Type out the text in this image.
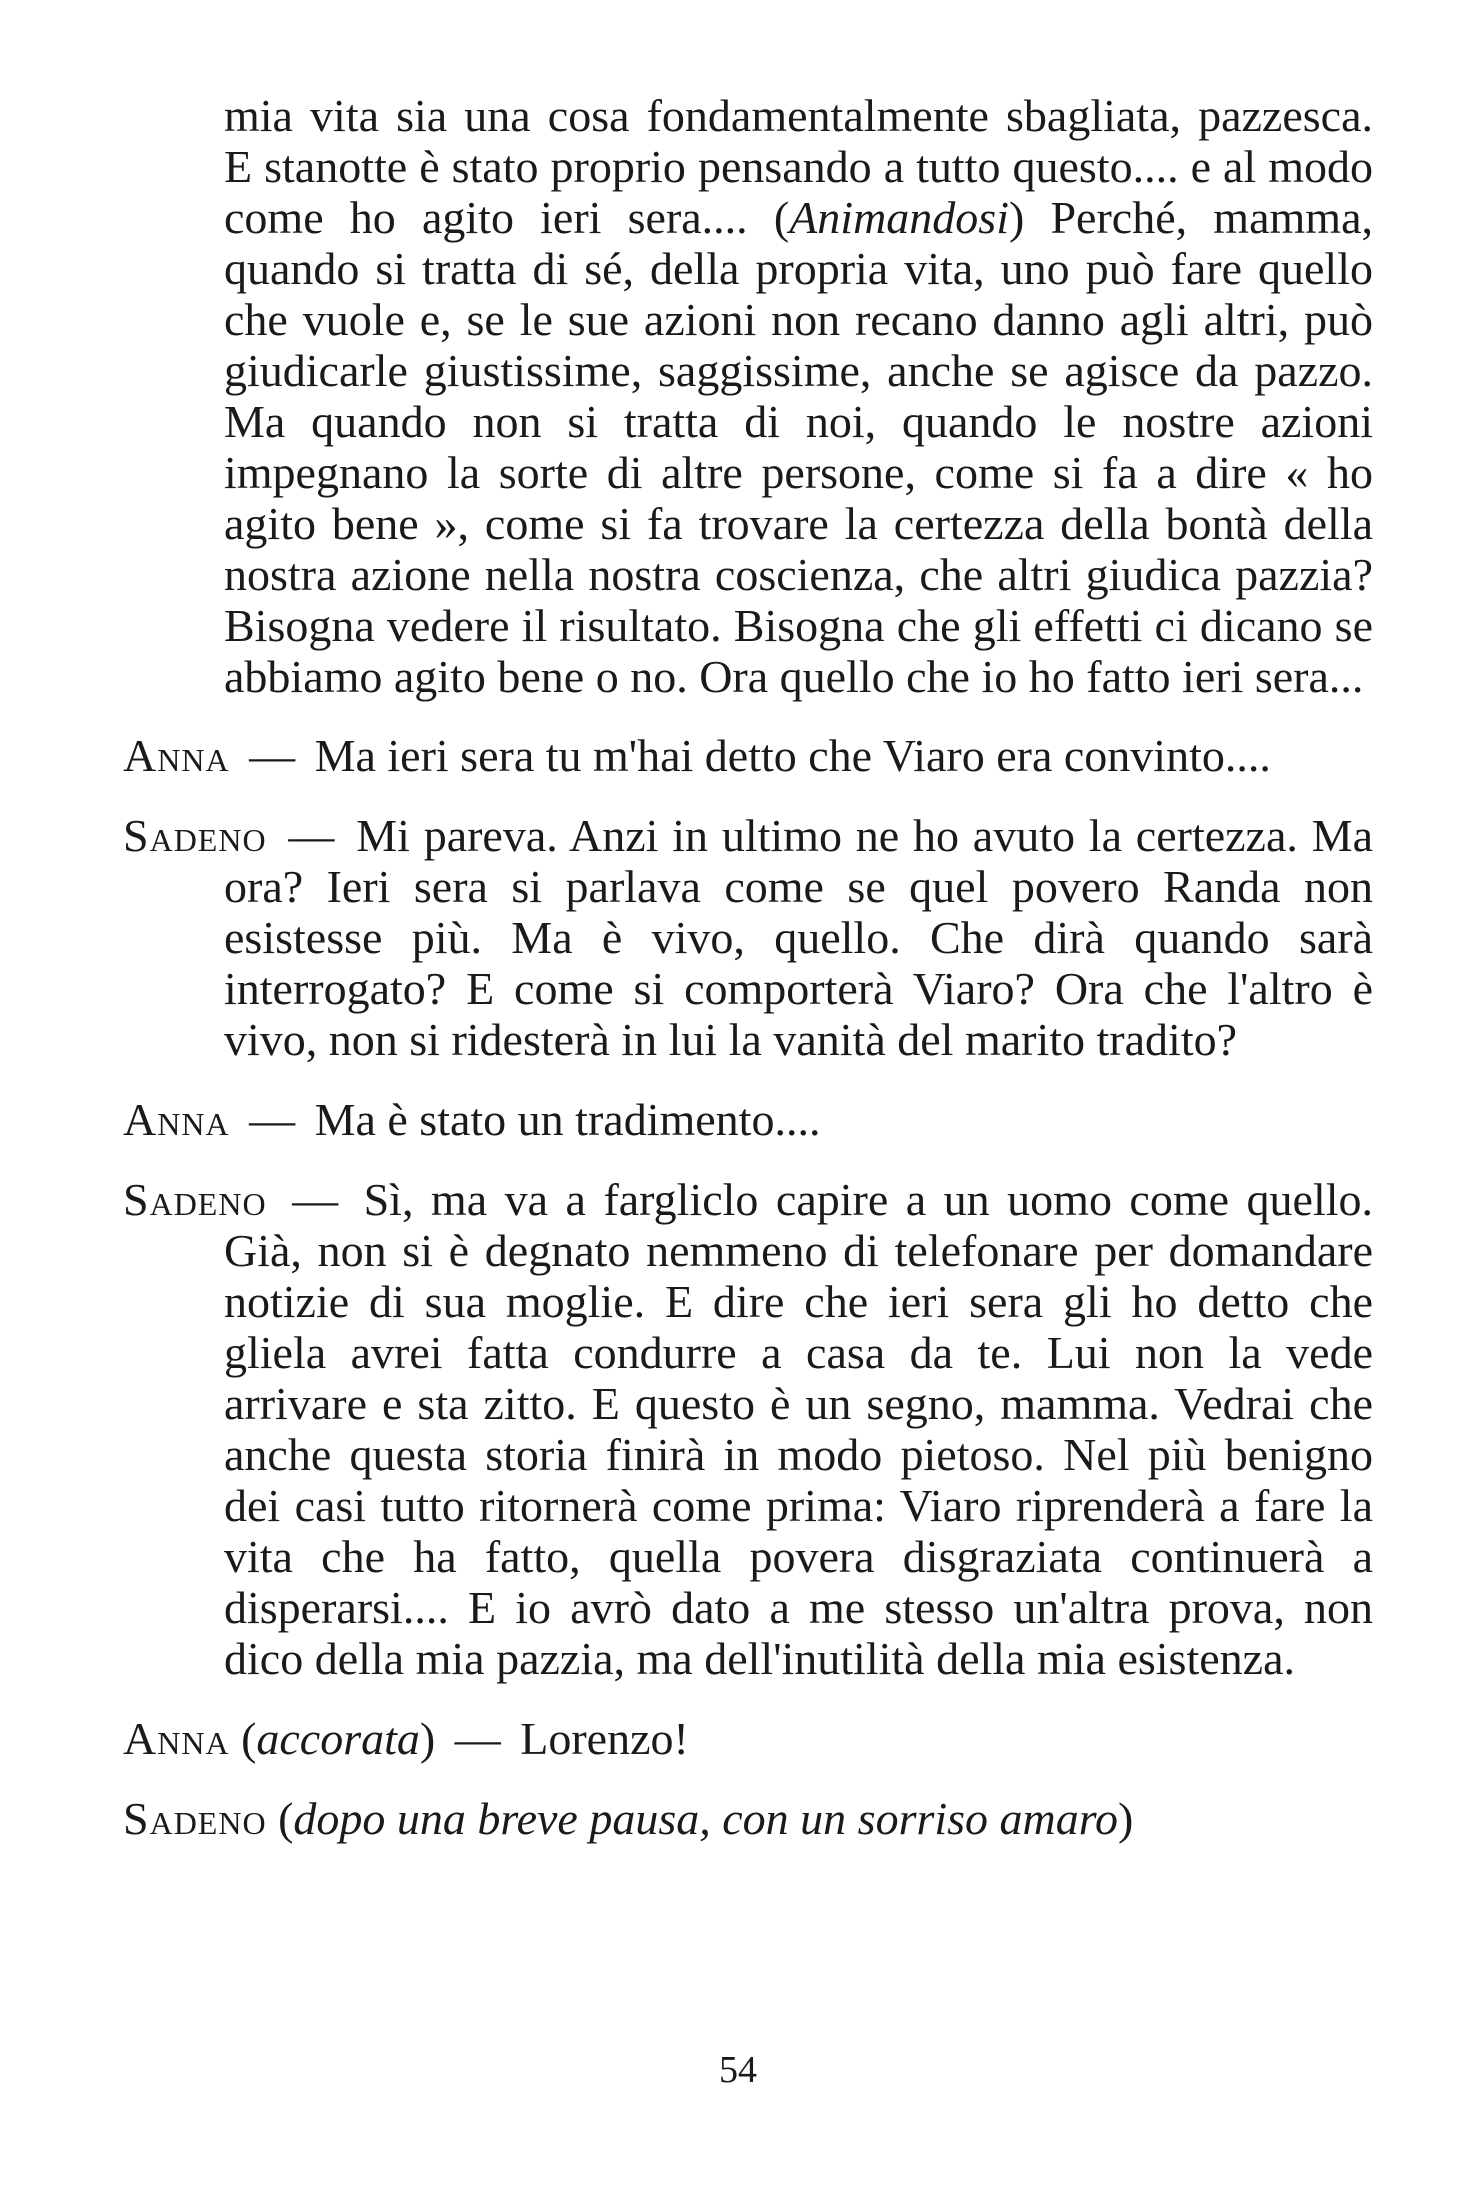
mia vita sia una cosa fondamentalmente sbagliata, pazzesca. E stanotte è stato proprio pensando a tutto questo.... e al modo come ho agito ieri sera.... (Animandosi) Perché, mamma, quando si tratta di sé, della propria vita, uno può fare quello che vuole e, se le sue azioni non recano danno agli altri, può giudicarle giustissime, saggissime, anche se agisce da pazzo. Ma quando non si tratta di noi, quando le nostre azioni impegnano la sorte di altre persone, come si fa a dire « ho agito bene », come si fa trovare la certezza della bontà della nostra azione nella nostra coscienza, che altri giudica pazzia? Bisogna vedere il risultato. Bisogna che gli effetti ci dicano se abbiamo agito bene o no. Ora quello che io ho fatto ieri sera...

Anna — Ma ieri sera tu m'hai detto che Viaro era convinto....

Sadeno — Mi pareva. Anzi in ultimo ne ho avuto la certezza. Ma ora? Ieri sera si parlava come se quel povero Randa non esistesse più. Ma è vivo, quello. Che dirà quando sarà interrogato? E come si comporterà Viaro? Ora che l'altro è vivo, non si ridesterà in lui la vanità del marito tradito?

Anna — Ma è stato un tradimento....

Sadeno — Sì, ma va a fargliclo capire a un uomo come quello. Già, non si è degnato nemmeno di telefonare per domandare notizie di sua moglie. E dire che ieri sera gli ho detto che gliela avrei fatta condurre a casa da te. Lui non la vede arrivare e sta zitto. E questo è un segno, mamma. Vedrai che anche questa storia finirà in modo pietoso. Nel più benigno dei casi tutto ritornerà come prima: Viaro riprenderà a fare la vita che ha fatto, quella povera disgraziata continuerà a disperarsi.... E io avrò dato a me stesso un'altra prova, non dico della mia pazzia, ma dell'inutilità della mia esistenza.

Anna (accorata) — Lorenzo!

Sadeno (dopo una breve pausa, con un sorriso amaro)

54
